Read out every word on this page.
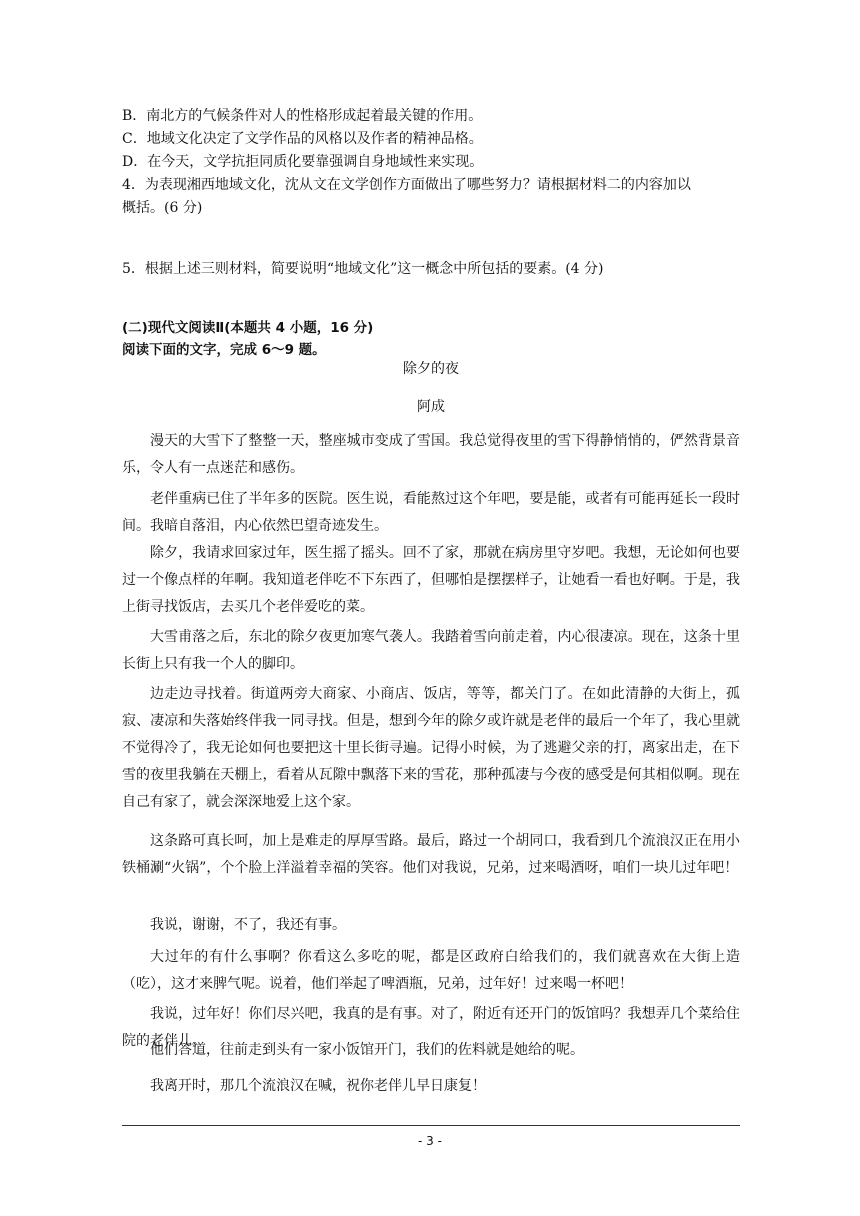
B．南北方的气候条件对人的性格形成起着最关键的作用。
C．地域文化决定了文学作品的风格以及作者的精神品格。
D．在今天，文学抗拒同质化要靠强调自身地域性来实现。
4．为表现湘西地域文化，沈从文在文学创作方面做出了哪些努力？请根据材料二的内容加以
概括。(6 分)
5．根据上述三则材料，简要说明“地域文化”这一概念中所包括的要素。(4 分)
(二)现代文阅读Ⅱ(本题共 4 小题，16 分)
阅读下面的文字，完成 6～9 题。
除夕的夜
阿成
漫天的大雪下了整整一天，整座城市变成了雪国。我总觉得夜里的雪下得静悄悄的，俨然背景音乐，令人有一点迷茫和感伤。
老伴重病已住了半年多的医院。医生说，看能熬过这个年吧，要是能，或者有可能再延长一段时间。我暗自落泪，内心依然巴望奇迹发生。
除夕，我请求回家过年，医生摇了摇头。回不了家，那就在病房里守岁吧。我想，无论如何也要过一个像点样的年啊。我知道老伴吃不下东西了，但哪怕是摆摆样子，让她看一看也好啊。于是，我上街寻找饭店，去买几个老伴爱吃的菜。
大雪甫落之后，东北的除夕夜更加寒气袭人。我踏着雪向前走着，内心很凄凉。现在，这条十里长街上只有我一个人的脚印。
边走边寻找着。街道两旁大商家、小商店、饭店，等等，都关门了。在如此清静的大街上，孤寂、凄凉和失落始终伴我一同寻找。但是，想到今年的除夕或许就是老伴的最后一个年了，我心里就不觉得冷了，我无论如何也要把这十里长街寻遍。记得小时候，为了逃避父亲的打，离家出走，在下雪的夜里我躺在天棚上，看着从瓦隙中飘落下来的雪花，那种孤凄与今夜的感受是何其相似啊。现在自己有家了，就会深深地爱上这个家。
这条路可真长呵，加上是难走的厚厚雪路。最后，路过一个胡同口，我看到几个流浪汉正在用小铁桶涮“火锅”，个个脸上洋溢着幸福的笑容。他们对我说，兄弟，过来喝酒呀，咱们一块儿过年吧！
我说，谢谢，不了，我还有事。
大过年的有什么事啊？你看这么多吃的呢，都是区政府白给我们的，我们就喜欢在大街上造（吃），这才来脾气呢。说着，他们举起了啤酒瓶，兄弟，过年好！过来喝一杯吧！
我说，过年好！你们尽兴吧，我真的是有事。对了，附近有还开门的饭馆吗？我想弄几个菜给住院的老伴儿。
他们答道，往前走到头有一家小饭馆开门，我们的佐料就是她给的呢。
我离开时，那几个流浪汉在喊，祝你老伴儿早日康复！
- 3 -
